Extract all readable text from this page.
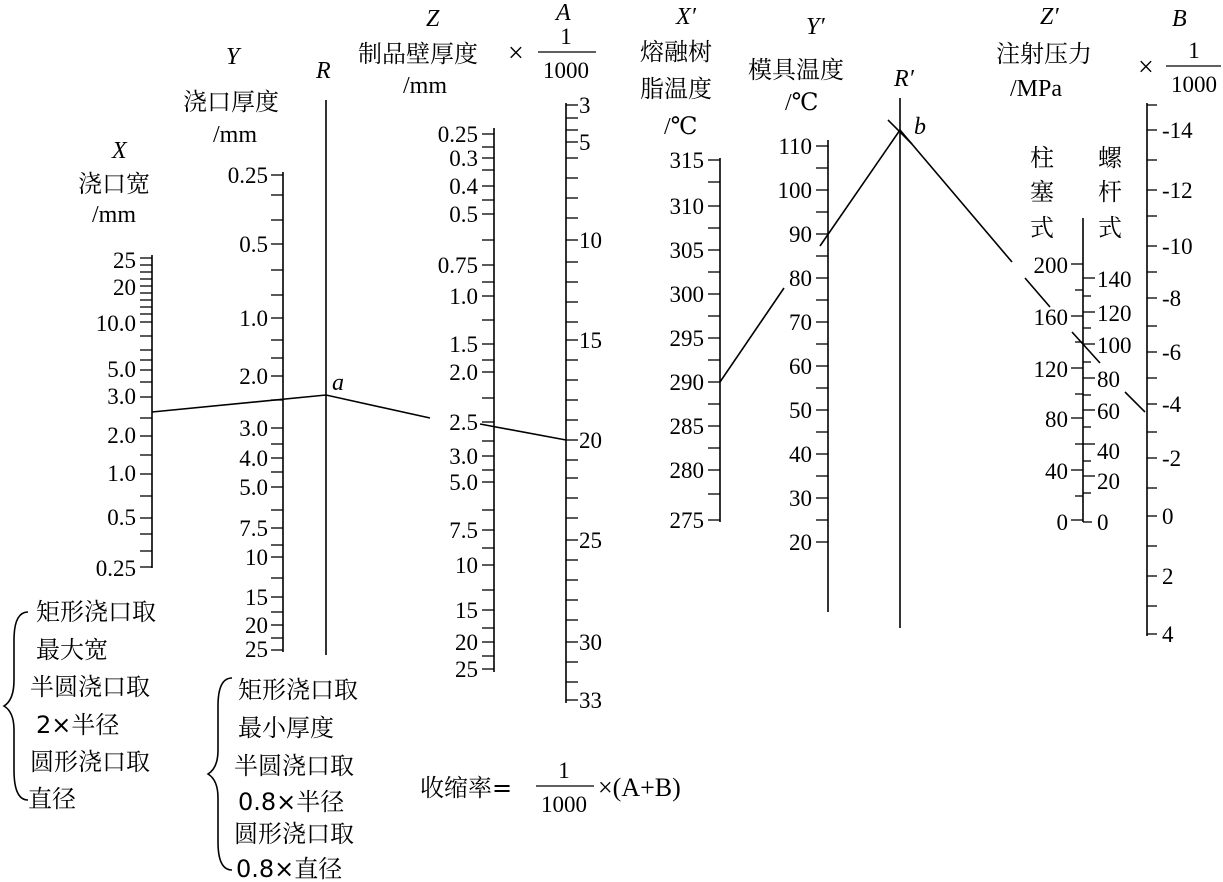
X
浇口宽
/mm
25
20
10.0
5.0
3.0
2.0
1.0
0.5
0.25
Y
浇口厚度
/mm
0.25
0.5
1.0
2.0
3.0
4.0
5.0
7.5
10
15
20
25
R
a
Z
制品壁厚度 ×
/mm
0.25
0.3
0.4
0.5
0.75
1.0
1.5
2.0
2.5
3.0
5.0
7.5
10
15
20
25
A
1
1000
3
5
10
15
20
25
30
33
X′
熔融树
脂温度
/℃
315
310
305
300
295
290
285
280
275
Y′
模具温度
/℃
110
100
90
80
70
60
50
40
30
20
R′
b
Z′
注射压力
/MPa
柱
塞
式
螺
杆
式
200
160
120
80
40
0
140
120
100
80
60
40
20
0
B
×
1
1000
-14
-12
-10
-8
-6
-4
-2
0
2
4
矩形浇口取
最大宽
半圆浇口取
2×半径
圆形浇口取
直径
矩形浇口取
最小厚度
半圆浇口取
0.8×半径
圆形浇口取
0.8×直径
收缩率=
1
1000
×(A+B)
